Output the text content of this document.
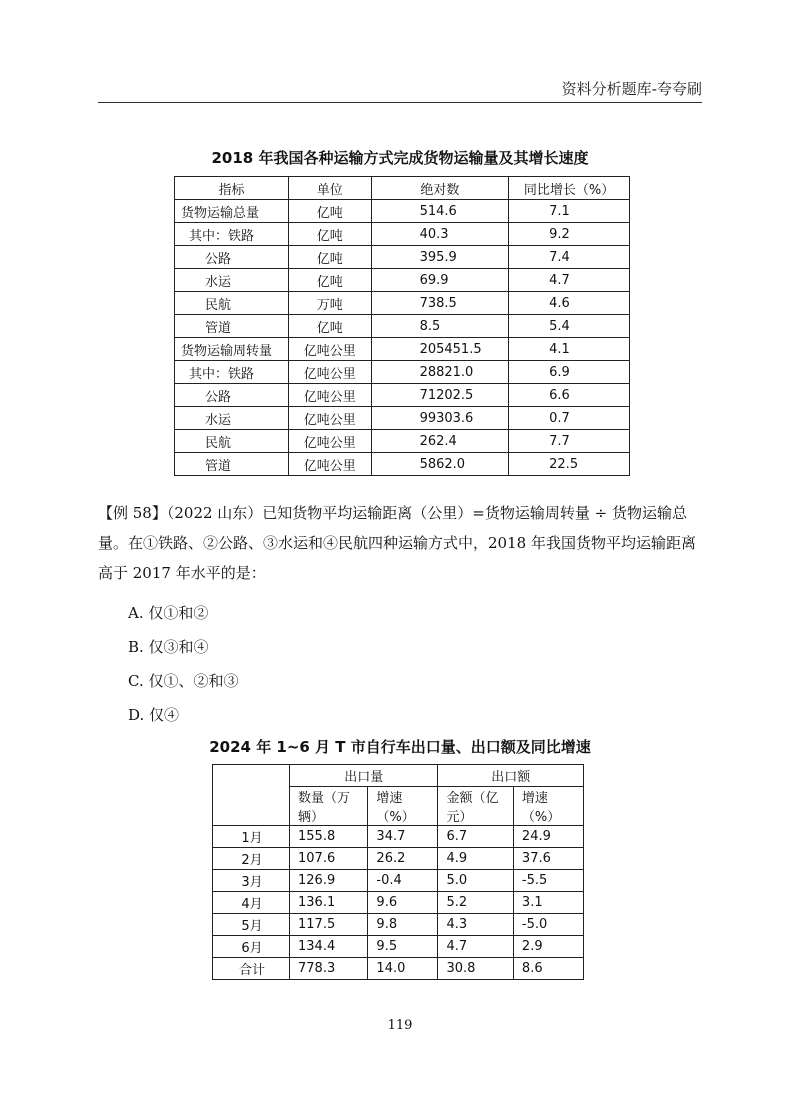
资料分析题库-夸夸刷
2018 年我国各种运输方式完成货物运输量及其增长速度
指标	单位	绝对数	同比增长（%）
货物运输总量	亿吨	514.6	7.1
其中：铁路	亿吨	40.3	9.2
公路	亿吨	395.9	7.4
水运	亿吨	69.9	4.7
民航	万吨	738.5	4.6
管道	亿吨	8.5	5.4
货物运输周转量	亿吨公里	205451.5	4.1
其中：铁路	亿吨公里	28821.0	6.9
公路	亿吨公里	71202.5	6.6
水运	亿吨公里	99303.6	0.7
民航	亿吨公里	262.4	7.7
管道	亿吨公里	5862.0	22.5
【例 58】（2022 山东）已知货物平均运输距离（公里）=货物运输周转量 ÷ 货物运输总量。在①铁路、②公路、③水运和④民航四种运输方式中，2018 年我国货物平均运输距离高于 2017 年水平的是：
A. 仅①和②
B. 仅③和④
C. 仅①、②和③
D. 仅④
2024 年 1~6 月 T 市自行车出口量、出口额及同比增速
	出口量		出口额	
	数量（万辆）	增速（%）	金额（亿元）	增速（%）
1月	155.8	34.7	6.7	24.9
2月	107.6	26.2	4.9	37.6
3月	126.9	-0.4	5.0	-5.5
4月	136.1	9.6	5.2	3.1
5月	117.5	9.8	4.3	-5.0
6月	134.4	9.5	4.7	2.9
合计	778.3	14.0	30.8	8.6
119
